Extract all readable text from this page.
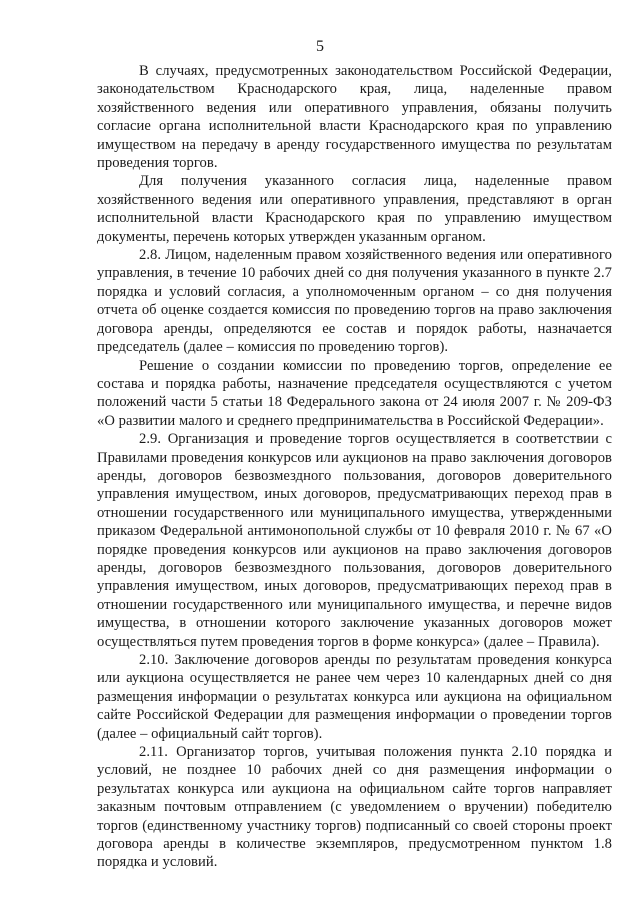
5

В случаях, предусмотренных законодательством Российской Федерации, законодательством Краснодарского края, лица, наделенные правом хозяйственного ведения или оперативного управления, обязаны получить согласие органа исполнительной власти Краснодарского края по управлению имуществом на передачу в аренду государственного имущества по результатам проведения торгов.

Для получения указанного согласия лица, наделенные правом хозяйственного ведения или оперативного управления, представляют в орган исполнительной власти Краснодарского края по управлению имуществом документы, перечень которых утвержден указанным органом.

2.8. Лицом, наделенным правом хозяйственного ведения или оперативного управления, в течение 10 рабочих дней со дня получения указанного в пункте 2.7 порядка и условий согласия, а уполномоченным органом – со дня получения отчета об оценке создается комиссия по проведению торгов на право заключения договора аренды, определяются ее состав и порядок работы, назначается председатель (далее – комиссия по проведению торгов).

Решение о создании комиссии по проведению торгов, определение ее состава и порядка работы, назначение председателя осуществляются с учетом положений части 5 статьи 18 Федерального закона от 24 июля 2007 г. № 209-ФЗ «О развитии малого и среднего предпринимательства в Российской Федерации».

2.9. Организация и проведение торгов осуществляется в соответствии с Правилами проведения конкурсов или аукционов на право заключения договоров аренды, договоров безвозмездного пользования, договоров доверительного управления имуществом, иных договоров, предусматривающих переход прав в отношении государственного или муниципального имущества, утвержденными приказом Федеральной антимонопольной службы от 10 февраля 2010 г. № 67 «О порядке проведения конкурсов или аукционов на право заключения договоров аренды, договоров безвозмездного пользования, договоров доверительного управления имуществом, иных договоров, предусматривающих переход прав в отношении государственного или муниципального имущества, и перечне видов имущества, в отношении которого заключение указанных договоров может осуществляться путем проведения торгов в форме конкурса» (далее – Правила).

2.10. Заключение договоров аренды по результатам проведения конкурса или аукциона осуществляется не ранее чем через 10 календарных дней со дня размещения информации о результатах конкурса или аукциона на официальном сайте Российской Федерации для размещения информации о проведении торгов (далее – официальный сайт торгов).

2.11. Организатор торгов, учитывая положения пункта 2.10 порядка и условий, не позднее 10 рабочих дней со дня размещения информации о результатах конкурса или аукциона на официальном сайте торгов направляет заказным почтовым отправлением (с уведомлением о вручении) победителю торгов (единственному участнику торгов) подписанный со своей стороны проект договора аренды в количестве экземпляров, предусмотренном пунктом 1.8 порядка и условий.
